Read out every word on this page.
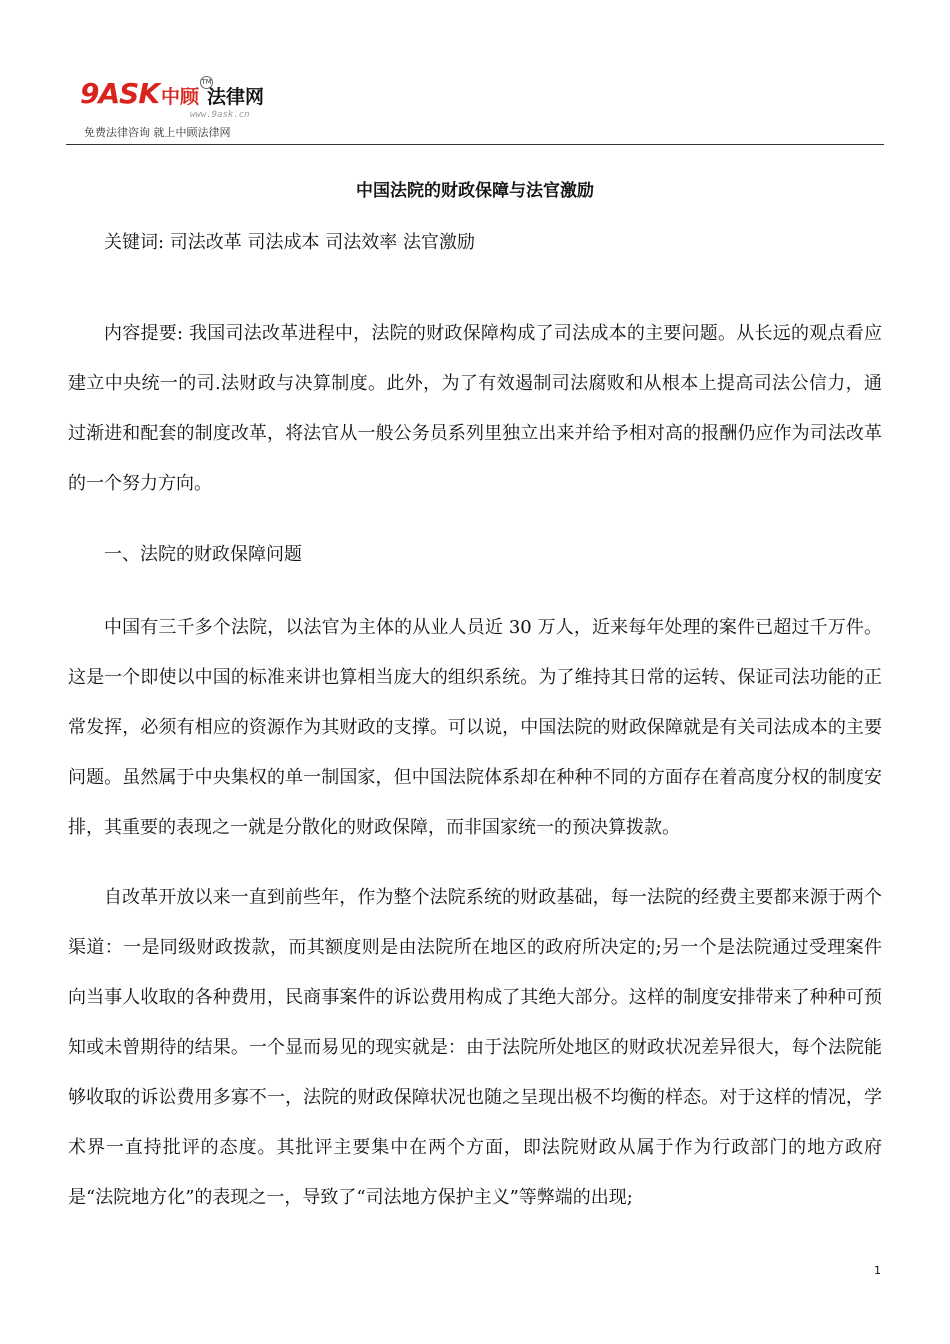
9ASK 中顾 法律网
TM
www.9ask.cn
免费法律咨询 就上中顾法律网
中国法院的财政保障与法官激励

关键词: 司法改革 司法成本 司法效率 法官激励

内容提要: 我国司法改革进程中，法院的财政保障构成了司法成本的主要问题。从长远的观点看应建立中央统一的司.法财政与决算制度。此外，为了有效遏制司法腐败和从根本上提高司法公信力，通过渐进和配套的制度改革，将法官从一般公务员系列里独立出来并给予相对高的报酬仍应作为司法改革的一个努力方向。

一、法院的财政保障问题

中国有三千多个法院，以法官为主体的从业人员近 30 万人，近来每年处理的案件已超过千万件。这是一个即使以中国的标准来讲也算相当庞大的组织系统。为了维持其日常的运转、保证司法功能的正常发挥，必须有相应的资源作为其财政的支撑。可以说，中国法院的财政保障就是有关司法成本的主要问题。虽然属于中央集权的单一制国家，但中国法院体系却在种种不同的方面存在着高度分权的制度安排，其重要的表现之一就是分散化的财政保障，而非国家统一的预决算拨款。

自改革开放以来一直到前些年，作为整个法院系统的财政基础，每一法院的经费主要都来源于两个渠道：一是同级财政拨款，而其额度则是由法院所在地区的政府所决定的;另一个是法院通过受理案件向当事人收取的各种费用，民商事案件的诉讼费用构成了其绝大部分。这样的制度安排带来了种种可预知或未曾期待的结果。一个显而易见的现实就是：由于法院所处地区的财政状况差异很大，每个法院能够收取的诉讼费用多寡不一，法院的财政保障状况也随之呈现出极不均衡的样态。对于这样的情况，学术界一直持批评的态度。其批评主要集中在两个方面，即法院财政从属于作为行政部门的地方政府是“法院地方化”的表现之一，导致了“司法地方保护主义”等弊端的出现;

1
